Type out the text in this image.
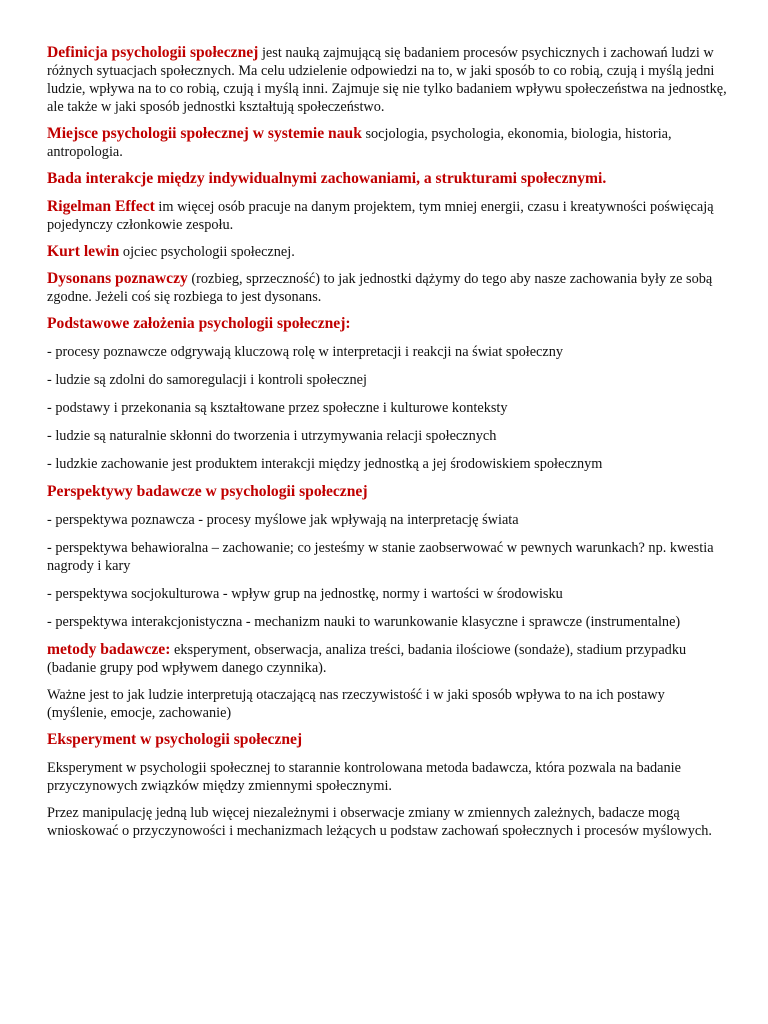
Definicja psychologii społecznej jest nauką zajmującą się badaniem procesów psychicznych i zachowań ludzi w różnych sytuacjach społecznych. Ma celu udzielenie odpowiedzi na to, w jaki sposób to co robią, czują i myślą jedni ludzie, wpływa na to co robią, czują i myślą inni. Zajmuje się nie tylko badaniem wpływu społeczeństwa na jednostkę, ale także w jaki sposób jednostki kształtują społeczeństwo.

Miejsce psychologii społecznej w systemie nauk socjologia, psychologia, ekonomia, biologia, historia, antropologia.

Bada interakcje między indywidualnymi zachowaniami, a strukturami społecznymi.

Rigelman Effect im więcej osób pracuje na danym projektem, tym mniej energii, czasu i kreatywności poświęcają pojedynczy członkowie zespołu.

Kurt lewin ojciec psychologii społecznej.

Dysonans poznawczy (rozbieg, sprzeczność) to jak jednostki dążymy do tego aby nasze zachowania były ze sobą zgodne. Jeżeli coś się rozbiega to jest dysonans.

Podstawowe założenia psychologii społecznej:

- procesy poznawcze odgrywają kluczową rolę w interpretacji i reakcji na świat społeczny

- ludzie są zdolni do samoregulacji i kontroli społecznej

- podstawy i przekonania są kształtowane przez społeczne i kulturowe konteksty

- ludzie są naturalnie skłonni do tworzenia i utrzymywania relacji społecznych

- ludzkie zachowanie jest produktem interakcji między jednostką a jej środowiskiem społecznym

Perspektywy badawcze w psychologii społecznej

- perspektywa poznawcza - procesy myślowe jak wpływają na interpretację świata

- perspektywa behawioralna – zachowanie; co jesteśmy w stanie zaobserwować w pewnych warunkach? np. kwestia nagrody i kary

- perspektywa socjokulturowa - wpływ grup na jednostkę, normy i wartości w środowisku

- perspektywa interakcjonistyczna - mechanizm nauki to warunkowanie klasyczne i sprawcze (instrumentalne)

metody badawcze: eksperyment, obserwacja, analiza treści, badania ilościowe (sondaże), stadium przypadku (badanie grupy pod wpływem danego czynnika).

Ważne jest to jak ludzie interpretują otaczającą nas rzeczywistość i w jaki sposób wpływa to na ich postawy (myślenie, emocje, zachowanie)

Eksperyment w psychologii społecznej

Eksperyment w psychologii społecznej to starannie kontrolowana metoda badawcza, która pozwala na badanie przyczynowych związków między zmiennymi społecznymi.

Przez manipulację jedną lub więcej niezależnymi i obserwacje zmiany w zmiennych zależnych, badacze mogą wnioskować o przyczynowości i mechanizmach leżących u podstaw zachowań społecznych i procesów myślowych.
